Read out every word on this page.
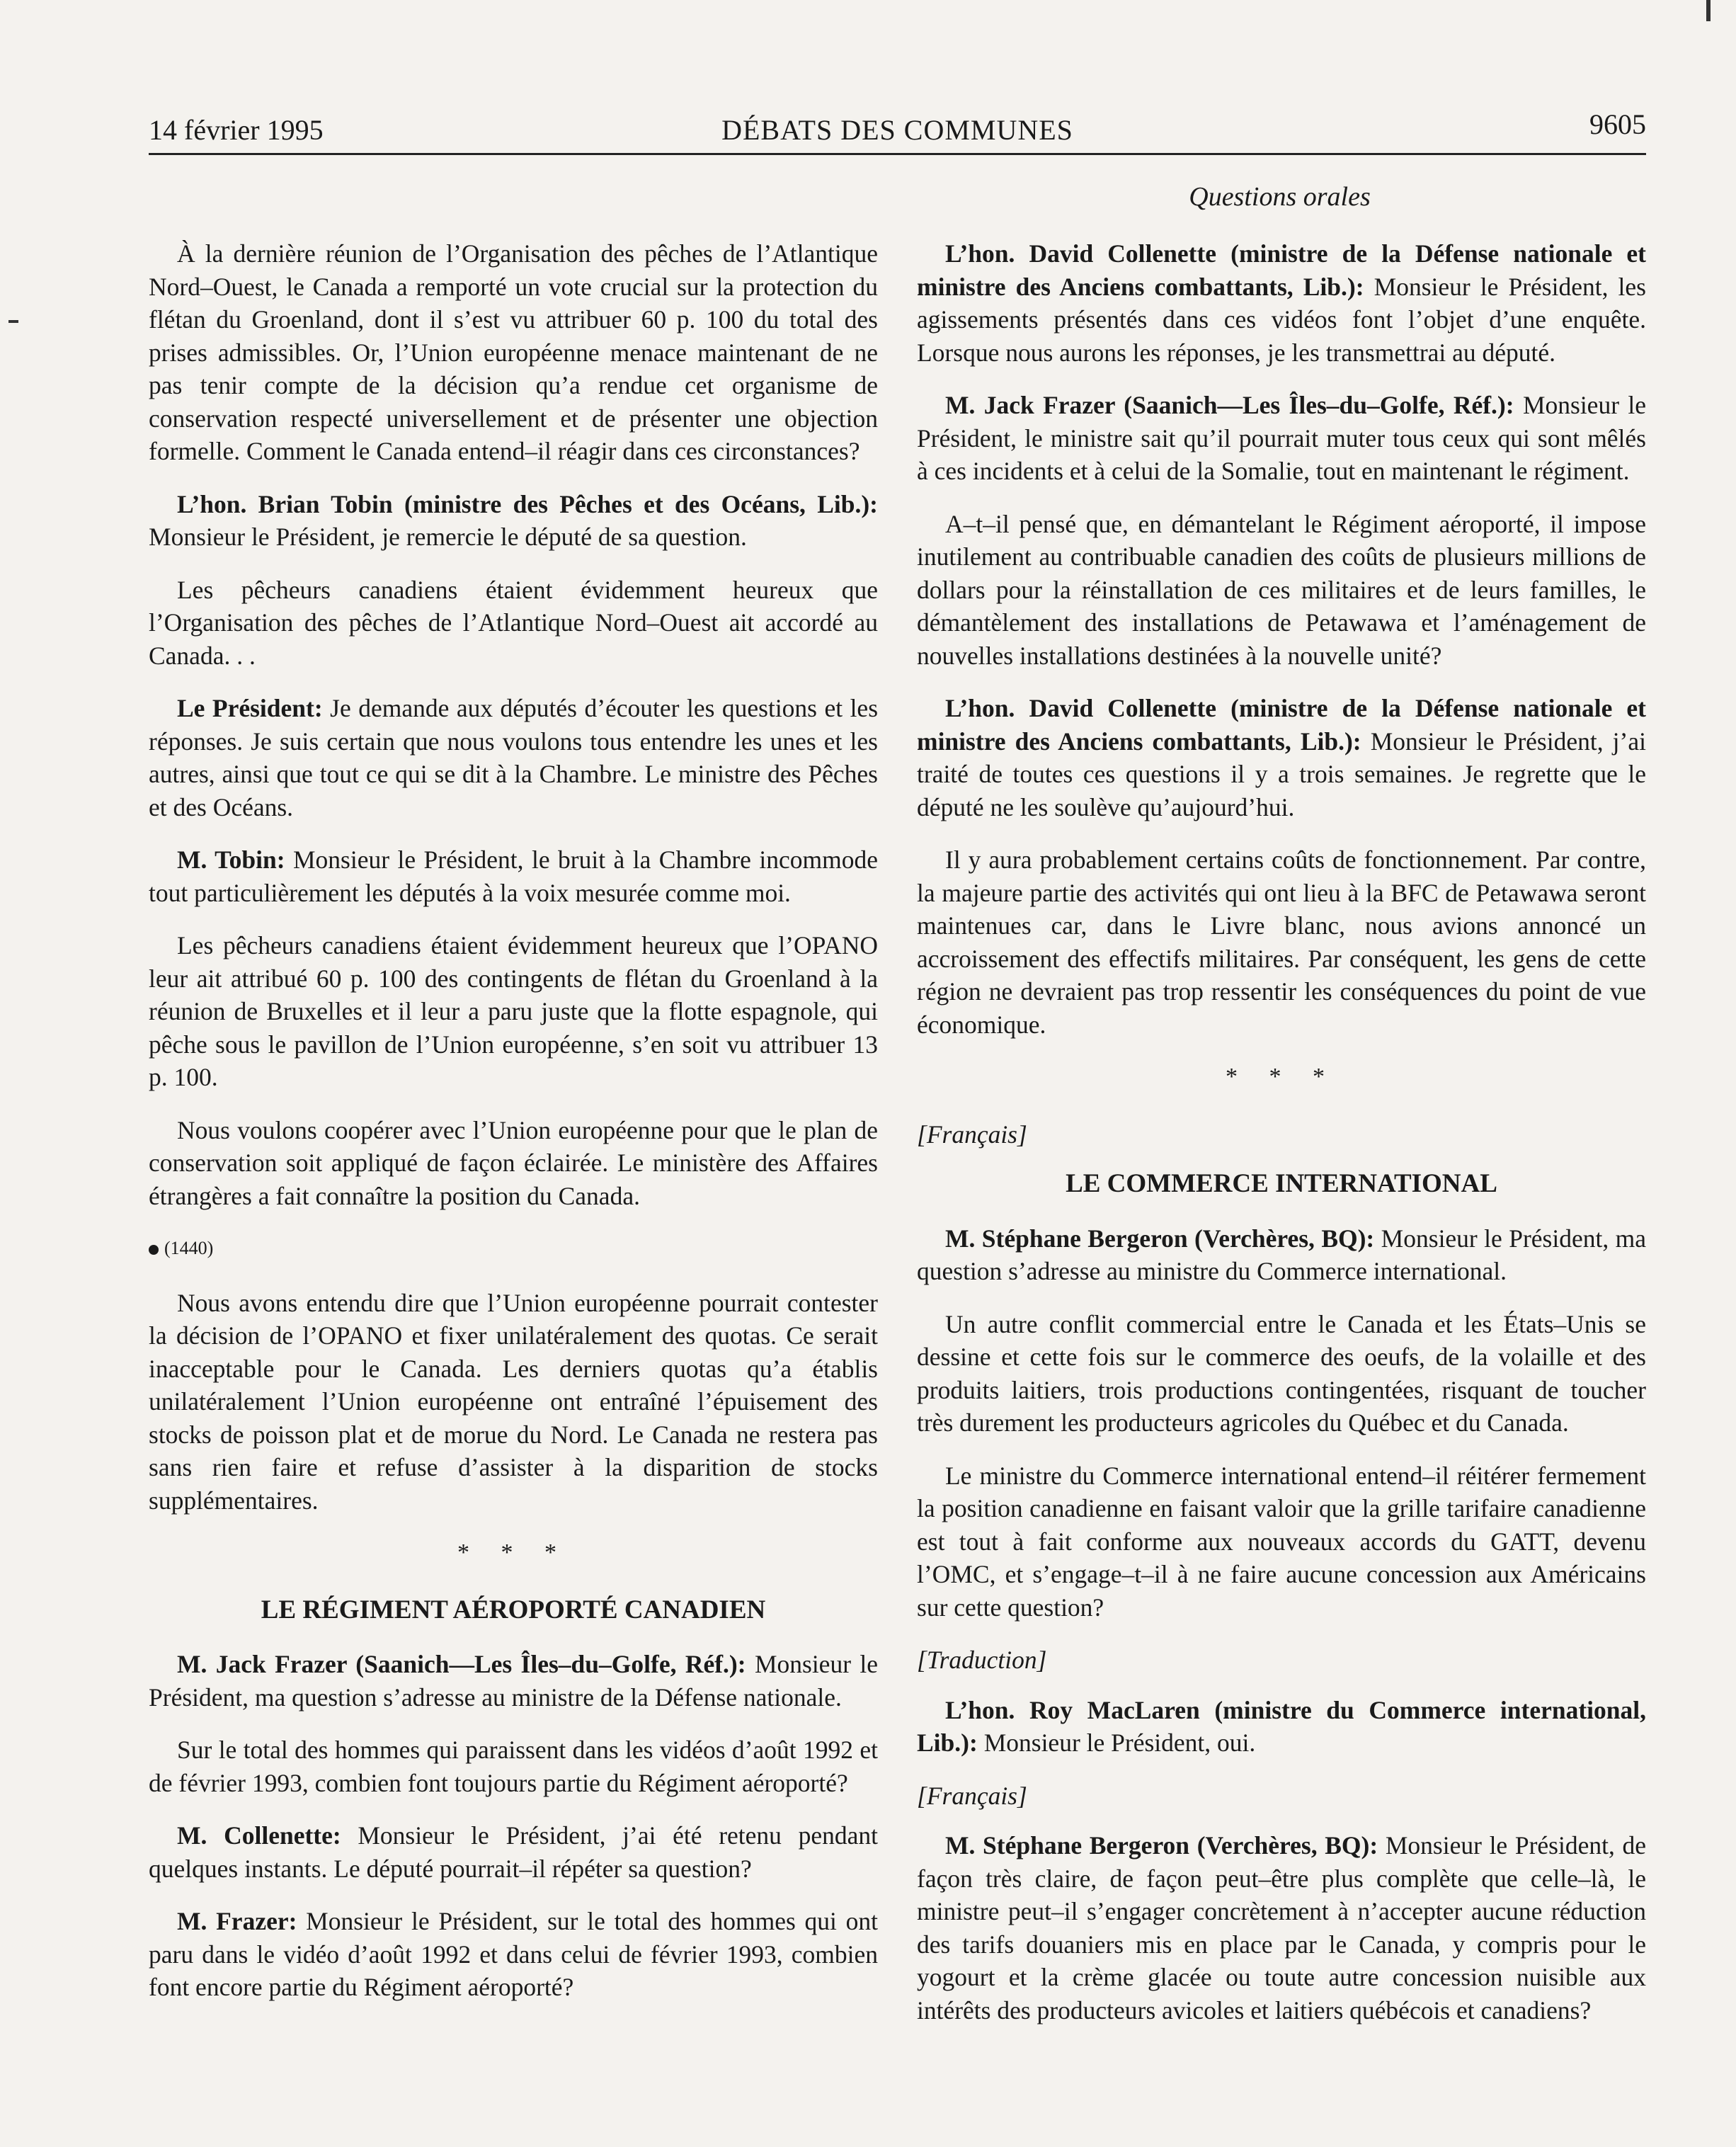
14 février 1995	DÉBATS DES COMMUNES	9605
Questions orales

À la dernière réunion de l’Organisation des pêches de l’Atlantique Nord–Ouest, le Canada a remporté un vote crucial sur la protection du flétan du Groenland, dont il s’est vu attribuer 60 p. 100 du total des prises admissibles. Or, l’Union européenne menace maintenant de ne pas tenir compte de la décision qu’a rendue cet organisme de conservation respecté universellement et de présenter une objection formelle. Comment le Canada entend–il réagir dans ces circonstances?

L’hon. Brian Tobin (ministre des Pêches et des Océans, Lib.): Monsieur le Président, je remercie le député de sa question.

Les pêcheurs canadiens étaient évidemment heureux que l’Organisation des pêches de l’Atlantique Nord–Ouest ait accordé au Canada. . .

Le Président: Je demande aux députés d’écouter les questions et les réponses. Je suis certain que nous voulons tous entendre les unes et les autres, ainsi que tout ce qui se dit à la Chambre. Le ministre des Pêches et des Océans.

M. Tobin: Monsieur le Président, le bruit à la Chambre incommode tout particulièrement les députés à la voix mesurée comme moi.

Les pêcheurs canadiens étaient évidemment heureux que l’OPANO leur ait attribué 60 p. 100 des contingents de flétan du Groenland à la réunion de Bruxelles et il leur a paru juste que la flotte espagnole, qui pêche sous le pavillon de l’Union européenne, s’en soit vu attribuer 13 p. 100.

Nous voulons coopérer avec l’Union européenne pour que le plan de conservation soit appliqué de façon éclairée. Le ministère des Affaires étrangères a fait connaître la position du Canada.

(1440)

Nous avons entendu dire que l’Union européenne pourrait contester la décision de l’OPANO et fixer unilatéralement des quotas. Ce serait inacceptable pour le Canada. Les derniers quotas qu’a établis unilatéralement l’Union européenne ont entraîné l’épuisement des stocks de poisson plat et de morue du Nord. Le Canada ne restera pas sans rien faire et refuse d’assister à la disparition de stocks supplémentaires.

* * *
LE RÉGIMENT AÉROPORTÉ CANADIEN

M. Jack Frazer (Saanich—Les Îles–du–Golfe, Réf.): Monsieur le Président, ma question s’adresse au ministre de la Défense nationale.

Sur le total des hommes qui paraissent dans les vidéos d’août 1992 et de février 1993, combien font toujours partie du Régiment aéroporté?

M. Collenette: Monsieur le Président, j’ai été retenu pendant quelques instants. Le député pourrait–il répéter sa question?

M. Frazer: Monsieur le Président, sur le total des hommes qui ont paru dans le vidéo d’août 1992 et dans celui de février 1993, combien font encore partie du Régiment aéroporté?

L’hon. David Collenette (ministre de la Défense nationale et ministre des Anciens combattants, Lib.): Monsieur le Président, les agissements présentés dans ces vidéos font l’objet d’une enquête. Lorsque nous aurons les réponses, je les transmettrai au député.

M. Jack Frazer (Saanich—Les Îles–du–Golfe, Réf.): Monsieur le Président, le ministre sait qu’il pourrait muter tous ceux qui sont mêlés à ces incidents et à celui de la Somalie, tout en maintenant le régiment.

A–t–il pensé que, en démantelant le Régiment aéroporté, il impose inutilement au contribuable canadien des coûts de plusieurs millions de dollars pour la réinstallation de ces militaires et de leurs familles, le démantèlement des installations de Petawawa et l’aménagement de nouvelles installations destinées à la nouvelle unité?

L’hon. David Collenette (ministre de la Défense nationale et ministre des Anciens combattants, Lib.): Monsieur le Président, j’ai traité de toutes ces questions il y a trois semaines. Je regrette que le député ne les soulève qu’aujourd’hui.

Il y aura probablement certains coûts de fonctionnement. Par contre, la majeure partie des activités qui ont lieu à la BFC de Petawawa seront maintenues car, dans le Livre blanc, nous avions annoncé un accroissement des effectifs militaires. Par conséquent, les gens de cette région ne devraient pas trop ressentir les conséquences du point de vue économique.

* * *
[Français]
LE COMMERCE INTERNATIONAL

M. Stéphane Bergeron (Verchères, BQ): Monsieur le Président, ma question s’adresse au ministre du Commerce international.

Un autre conflit commercial entre le Canada et les États–Unis se dessine et cette fois sur le commerce des oeufs, de la volaille et des produits laitiers, trois productions contingentées, risquant de toucher très durement les producteurs agricoles du Québec et du Canada.

Le ministre du Commerce international entend–il réitérer fermement la position canadienne en faisant valoir que la grille tarifaire canadienne est tout à fait conforme aux nouveaux accords du GATT, devenu l’OMC, et s’engage–t–il à ne faire aucune concession aux Américains sur cette question?

[Traduction]

L’hon. Roy MacLaren (ministre du Commerce international, Lib.): Monsieur le Président, oui.

[Français]

M. Stéphane Bergeron (Verchères, BQ): Monsieur le Président, de façon très claire, de façon peut–être plus complète que celle–là, le ministre peut–il s’engager concrètement à n’accepter aucune réduction des tarifs douaniers mis en place par le Canada, y compris pour le yogourt et la crème glacée ou toute autre concession nuisible aux intérêts des producteurs avicoles et laitiers québécois et canadiens?
